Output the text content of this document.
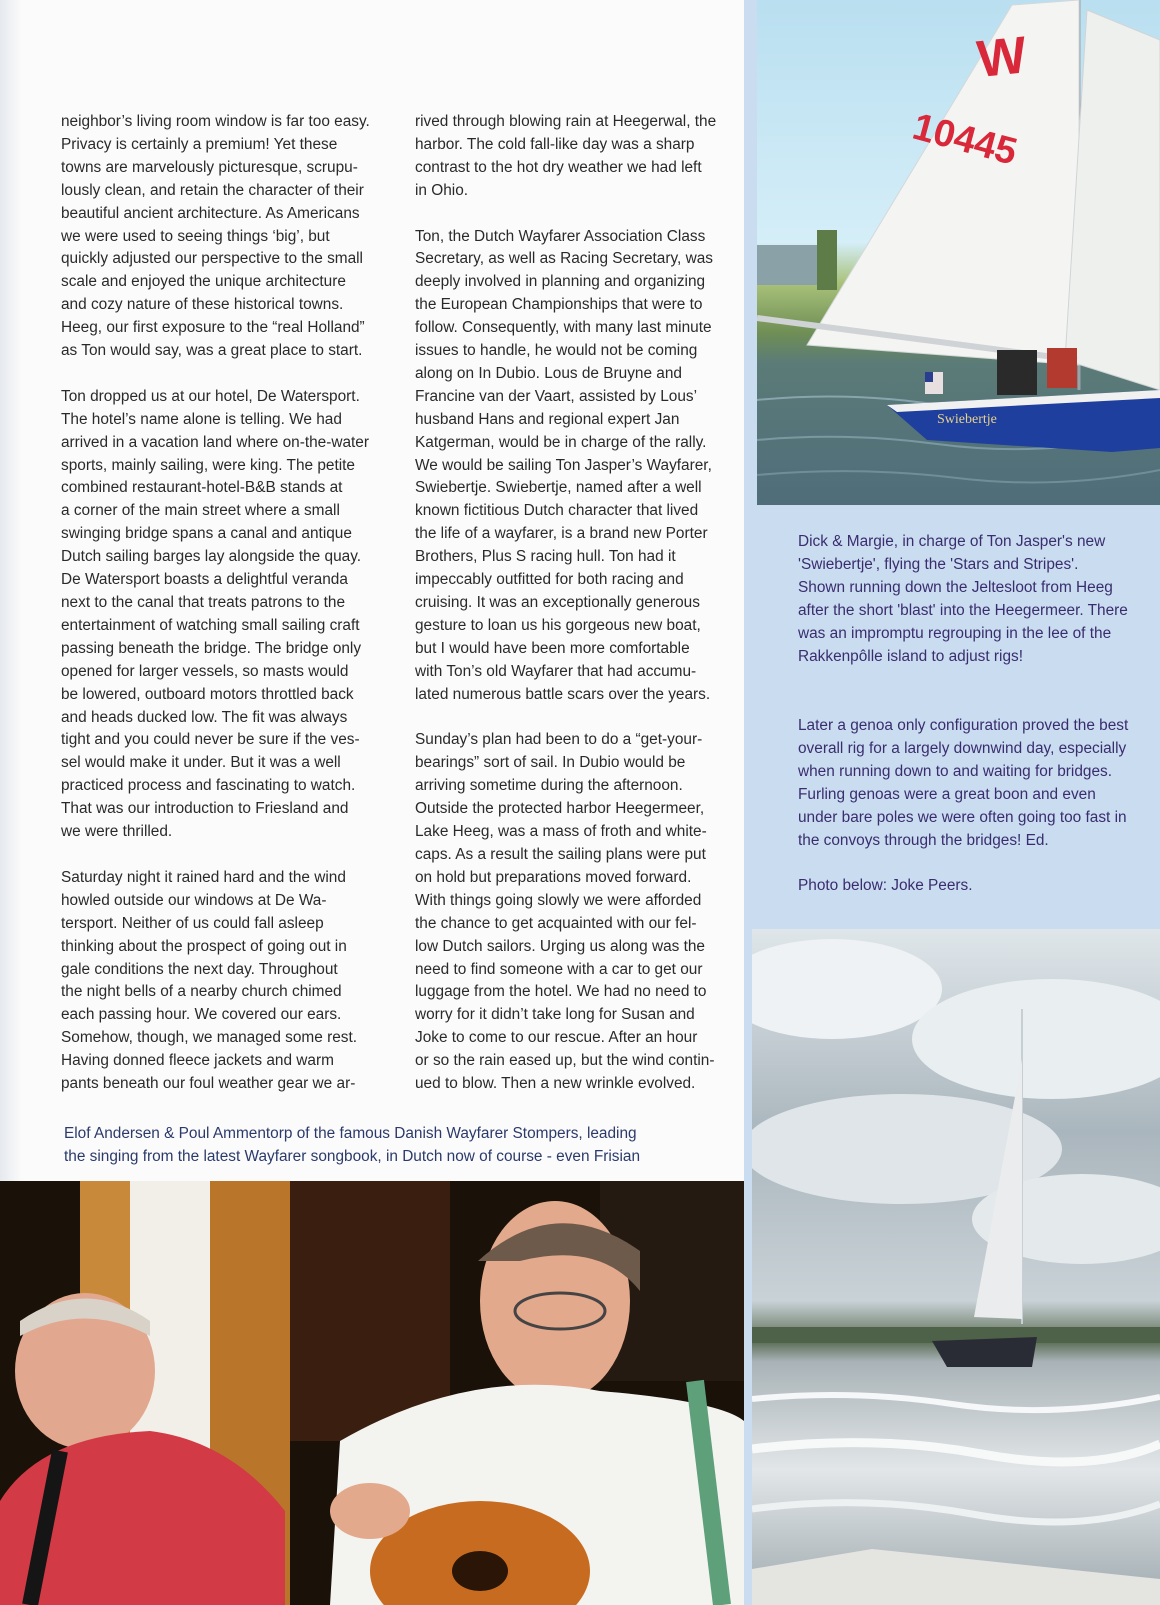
neighbor’s living room window is far too easy.
Privacy is certainly a premium! Yet these
towns are marvelously picturesque, scrupu-
lously clean, and retain the character of their
beautiful ancient architecture. As Americans
we were used to seeing things ‘big’, but
quickly adjusted our perspective to the small
scale and enjoyed the unique architecture
and cozy nature of these historical towns.
Heeg, our first exposure to the “real Holland”
as Ton would say, was a great place to start.

Ton dropped us at our hotel, De Watersport.
The hotel’s name alone is telling. We had
arrived in a vacation land where on-the-water
sports, mainly sailing, were king. The petite
combined restaurant-hotel-B&B stands at
a corner of the main street where a small
swinging bridge spans a canal and antique
Dutch sailing barges lay alongside the quay.
De Watersport boasts a delightful veranda
next to the canal that treats patrons to the
entertainment of watching small sailing craft
passing beneath the bridge. The bridge only
opened for larger vessels, so masts would
be lowered, outboard motors throttled back
and heads ducked low. The fit was always
tight and you could never be sure if the ves-
sel would make it under. But it was a well
practiced process and fascinating to watch.
That was our introduction to Friesland and
we were thrilled.

Saturday night it rained hard and the wind
howled outside our windows at De Wa-
tersport. Neither of us could fall asleep
thinking about the prospect of going out in
gale conditions the next day. Throughout
the night bells of a nearby church chimed
each passing hour. We covered our ears.
Somehow, though, we managed some rest.
Having donned fleece jackets and warm
pants beneath our foul weather gear we ar-

rived through blowing rain at Heegerwal, the
harbor. The cold fall-like day was a sharp
contrast to the hot dry weather we had left
in Ohio.

Ton, the Dutch Wayfarer Association Class
Secretary, as well as Racing Secretary, was
deeply involved in planning and organizing
the European Championships that were to
follow. Consequently, with many last minute
issues to handle, he would not be coming
along on In Dubio. Lous de Bruyne and
Francine van der Vaart, assisted by Lous’
husband Hans and regional expert Jan
Katgerman, would be in charge of the rally.
We would be sailing Ton Jasper’s Wayfarer,
Swiebertje. Swiebertje, named after a well
known fictitious Dutch character that lived
the life of a wayfarer, is a brand new Porter
Brothers, Plus S racing hull. Ton had it
impeccably outfitted for both racing and
cruising. It was an exceptionally generous
gesture to loan us his gorgeous new boat,
but I would have been more comfortable
with Ton’s old Wayfarer that had accumu-
lated numerous battle scars over the years.

Sunday’s plan had been to do a “get-your-
bearings” sort of sail. In Dubio would be
arriving sometime during the afternoon.
Outside the protected harbor Heegermeer,
Lake Heeg, was a mass of froth and white-
caps. As a result the sailing plans were put
on hold but preparations moved forward.
With things going slowly we were afforded
the chance to get acquainted with our fel-
low Dutch sailors. Urging us along was the
need to find someone with a car to get our
luggage from the hotel. We had no need to
worry for it didn’t take long for Susan and
Joke to come to our rescue. After an hour
or so the rain eased up, but the wind contin-
ued to blow. Then a new wrinkle evolved.

W
10445
Swiebertje
Dick & Margie, in charge of Ton Jasper's new
'Swiebertje', flying the 'Stars and Stripes'.
Shown running down the Jeltesloot from Heeg
after the short 'blast' into the Heegermeer. There
was an impromptu regrouping in the lee of the
Rakkenpôlle island to adjust rigs!
Later a genoa only configuration proved the best
overall rig for a largely downwind day, especially
when running down to and waiting for bridges.
Furling genoas were a great boon and even
under bare poles we were often going too fast in
the convoys through the bridges! Ed.
Photo below: Joke Peers.
Elof Andersen & Poul Ammentorp of the famous Danish Wayfarer Stompers, leading
the singing from the latest Wayfarer songbook, in Dutch now of course - even Frisian
